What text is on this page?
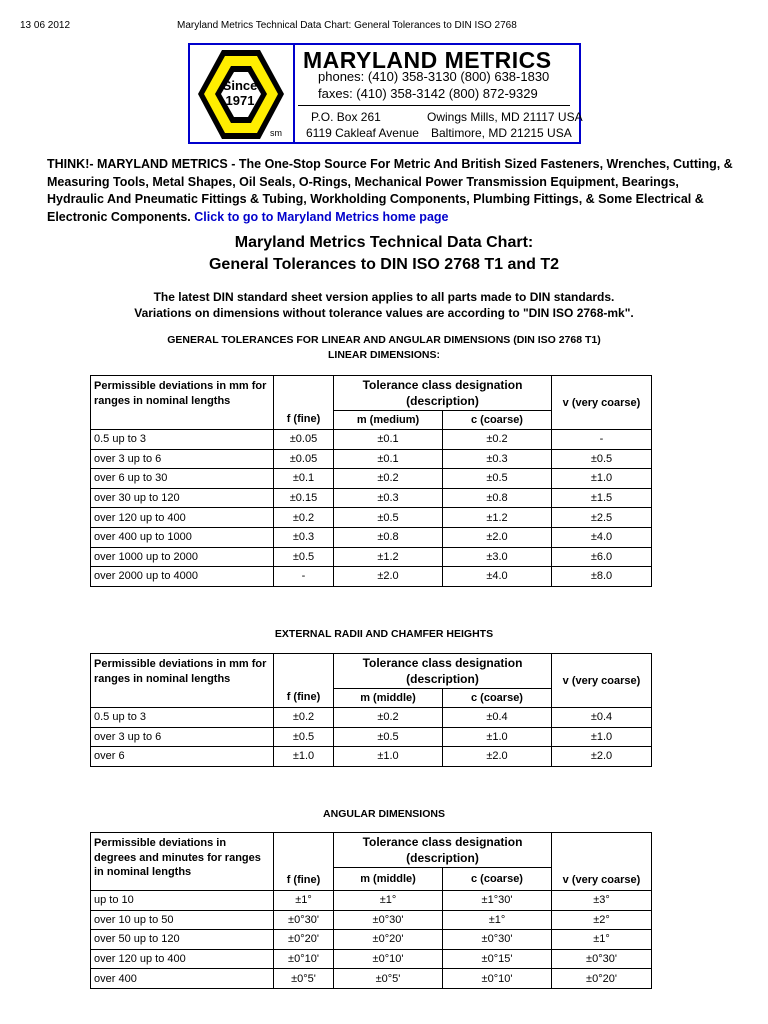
13 06 2012	Maryland Metrics Technical Data Chart: General Tolerances to DIN ISO 2768
Since
1971
sm
MARYLAND METRICS
phones: (410) 358-3130 (800) 638-1830
faxes: (410) 358-3142 (800) 872-9329
P.O. Box 261	Owings Mills, MD 21117 USA
6119 Cakleaf Avenue Baltimore, MD 21215 USA
THINK!- MARYLAND METRICS - The One-Stop Source For Metric And British Sized Fasteners, Wrenches, Cutting, & Measuring Tools, Metal Shapes, Oil Seals, O-Rings, Mechanical Power Transmission Equipment, Bearings, Hydraulic And Pneumatic Fittings & Tubing, Workholding Components, Plumbing Fittings, & Some Electrical & Electronic Components. Click to go to Maryland Metrics home page
Maryland Metrics Technical Data Chart:
General Tolerances to DIN ISO 2768 T1 and T2
The latest DIN standard sheet version applies to all parts made to DIN standards.
Variations on dimensions without tolerance values are according to "DIN ISO 2768-mk".
GENERAL TOLERANCES FOR LINEAR AND ANGULAR DIMENSIONS (DIN ISO 2768 T1)
LINEAR DIMENSIONS:
Permissible deviations in mm for ranges in nominal lengths	f (fine)	Tolerance class designation (description)		v (very coarse)
		m (medium)	c (coarse)	
0.5 up to 3	±0.05	±0.1	±0.2	-
over 3 up to 6	±0.05	±0.1	±0.3	±0.5
over 6 up to 30	±0.1	±0.2	±0.5	±1.0
over 30 up to 120	±0.15	±0.3	±0.8	±1.5
over 120 up to 400	±0.2	±0.5	±1.2	±2.5
over 400 up to 1000	±0.3	±0.8	±2.0	±4.0
over 1000 up to 2000	±0.5	±1.2	±3.0	±6.0
over 2000 up to 4000	-	±2.0	±4.0	±8.0
EXTERNAL RADII AND CHAMFER HEIGHTS
Permissible deviations in mm for ranges in nominal lengths	f (fine)	Tolerance class designation (description)		v (very coarse)
		m (middle)	c (coarse)	
0.5 up to 3	±0.2	±0.2	±0.4	±0.4
over 3 up to 6	±0.5	±0.5	±1.0	±1.0
over 6	±1.0	±1.0	±2.0	±2.0
ANGULAR DIMENSIONS
Permissible deviations in degrees and minutes for ranges in nominal lengths	f (fine)	Tolerance class designation (description)		v (very coarse)
		m (middle)	c (coarse)	
up to 10	±1°	±1°	±1°30'	±3°
over 10 up to 50	±0°30'	±0°30'	±1°	±2°
over 50 up to 120	±0°20'	±0°20'	±0°30'	±1°
over 120 up to 400	±0°10'	±0°10'	±0°15'	±0°30'
over 400	±0°5'	±0°5'	±0°10'	±0°20'
